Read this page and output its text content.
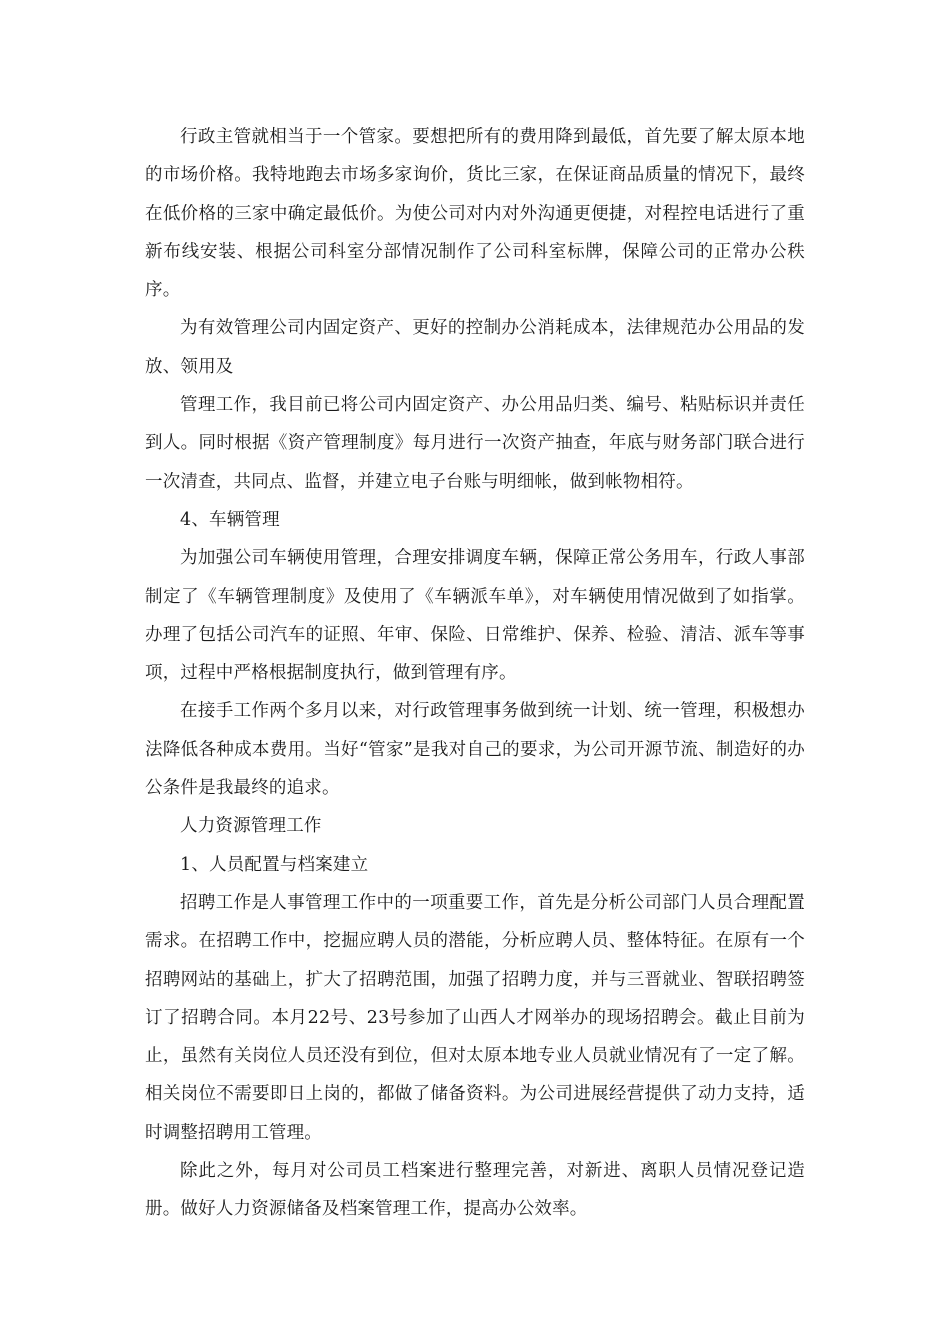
行政主管就相当于一个管家。要想把所有的费用降到最低，首先要了解太原本地的市场价格。我特地跑去市场多家询价，货比三家，在保证商品质量的情况下，最终在低价格的三家中确定最低价。为使公司对内对外沟通更便捷，对程控电话进行了重新布线安装、根据公司科室分部情况制作了公司科室标牌，保障公司的正常办公秩序。

为有效管理公司内固定资产、更好的控制办公消耗成本，法律规范办公用品的发放、领用及

管理工作，我目前已将公司内固定资产、办公用品归类、编号、粘贴标识并责任到人。同时根据《资产管理制度》每月进行一次资产抽查，年底与财务部门联合进行一次清查，共同点、监督，并建立电子台账与明细帐，做到帐物相符。

4、车辆管理

为加强公司车辆使用管理，合理安排调度车辆，保障正常公务用车，行政人事部制定了《车辆管理制度》及使用了《车辆派车单》，对车辆使用情况做到了如指掌。办理了包括公司汽车的证照、年审、保险、日常维护、保养、检验、清洁、派车等事项，过程中严格根据制度执行，做到管理有序。

在接手工作两个多月以来，对行政管理事务做到统一计划、统一管理，积极想办法降低各种成本费用。当好“管家”是我对自己的要求，为公司开源节流、制造好的办公条件是我最终的追求。

人力资源管理工作

1、人员配置与档案建立

招聘工作是人事管理工作中的一项重要工作，首先是分析公司部门人员合理配置需求。在招聘工作中，挖掘应聘人员的潜能，分析应聘人员、整体特征。在原有一个招聘网站的基础上，扩大了招聘范围，加强了招聘力度，并与三晋就业、智联招聘签订了招聘合同。本月22号、23号参加了山西人才网举办的现场招聘会。截止目前为止，虽然有关岗位人员还没有到位，但对太原本地专业人员就业情况有了一定了解。相关岗位不需要即日上岗的，都做了储备资料。为公司进展经营提供了动力支持，适时调整招聘用工管理。

除此之外，每月对公司员工档案进行整理完善，对新进、离职人员情况登记造册。做好人力资源储备及档案管理工作，提高办公效率。
